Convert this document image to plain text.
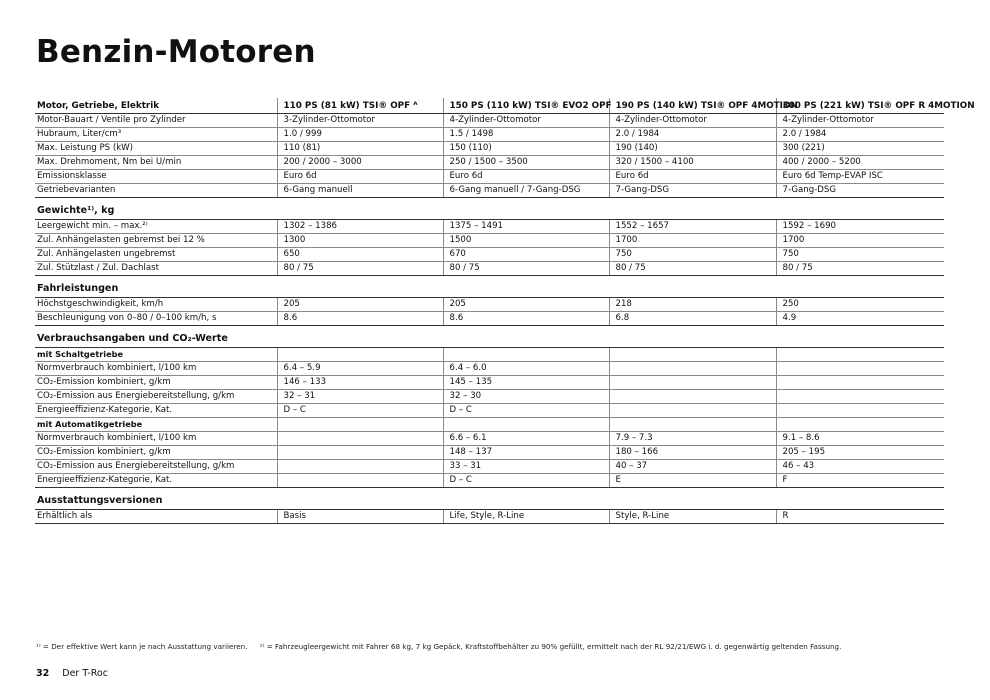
Benzin-Motoren
Motor, Getriebe, Elektrik	110 PS (81 kW) TSI® OPF ᴬ	150 PS (110 kW) TSI® EVO2 OPF	190 PS (140 kW) TSI® OPF 4MOTION	300 PS (221 kW) TSI® OPF R 4MOTION
Motor-Bauart / Ventile pro Zylinder	3-Zylinder-Ottomotor	4-Zylinder-Ottomotor	4-Zylinder-Ottomotor	4-Zylinder-Ottomotor
Hubraum, Liter/cm³	1.0 / 999	1.5 / 1498	2.0 / 1984	2.0 / 1984
Max. Leistung PS (kW)	110 (81)	150 (110)	190 (140)	300 (221)
Max. Drehmoment, Nm bei U/min	200 / 2000 – 3000	250 / 1500 – 3500	320 / 1500 – 4100	400 / 2000 – 5200
Emissionsklasse	Euro 6d	Euro 6d	Euro 6d	Euro 6d Temp-EVAP ISC
Getriebevarianten	6-Gang manuell	6-Gang manuell / 7-Gang-DSG	7-Gang-DSG	7-Gang-DSG
Gewichte¹⁾, kg				
Leergewicht min. – max.²⁾	1302 – 1386	1375 – 1491	1552 – 1657	1592 – 1690
Zul. Anhängelasten gebremst bei 12 %	1300	1500	1700	1700
Zul. Anhängelasten ungebremst	650	670	750	750
Zul. Stützlast / Zul. Dachlast	80 / 75	80 / 75	80 / 75	80 / 75
Fahrleistungen				
Höchstgeschwindigkeit, km/h	205	205	218	250
Beschleunigung von 0–80 / 0–100 km/h, s	8.6	8.6	6.8	4.9
Verbrauchsangaben und CO₂-Werte				
mit Schaltgetriebe				
Normverbrauch kombiniert, l/100 km	6.4 – 5.9	6.4 – 6.0		
CO₂-Emission kombiniert, g/km	146 – 133	145 – 135		
CO₂-Emission aus Energiebereitstellung, g/km	32 – 31	32 – 30		
Energieeffizienz-Kategorie, Kat.	D – C	D – C		
mit Automatikgetriebe				
Normverbrauch kombiniert, l/100 km		6.6 – 6.1	7.9 – 7.3	9.1 – 8.6
CO₂-Emission kombiniert, g/km		148 – 137	180 – 166	205 – 195
CO₂-Emission aus Energiebereitstellung, g/km		33 – 31	40 – 37	46 – 43
Energieeffizienz-Kategorie, Kat.		D – C	E	F
Ausstattungsversionen				
Erhältlich als	Basis	Life, Style, R-Line	Style, R-Line	R
¹⁾ = Der effektive Wert kann je nach Ausstattung variieren. ²⁾ = Fahrzeugleergewicht mit Fahrer 68 kg, 7 kg Gepäck, Kraftstoffbehälter zu 90% gefüllt, ermittelt nach der RL 92/21/EWG i. d. gegenwärtig geltenden Fassung.
32 Der T-Roc
